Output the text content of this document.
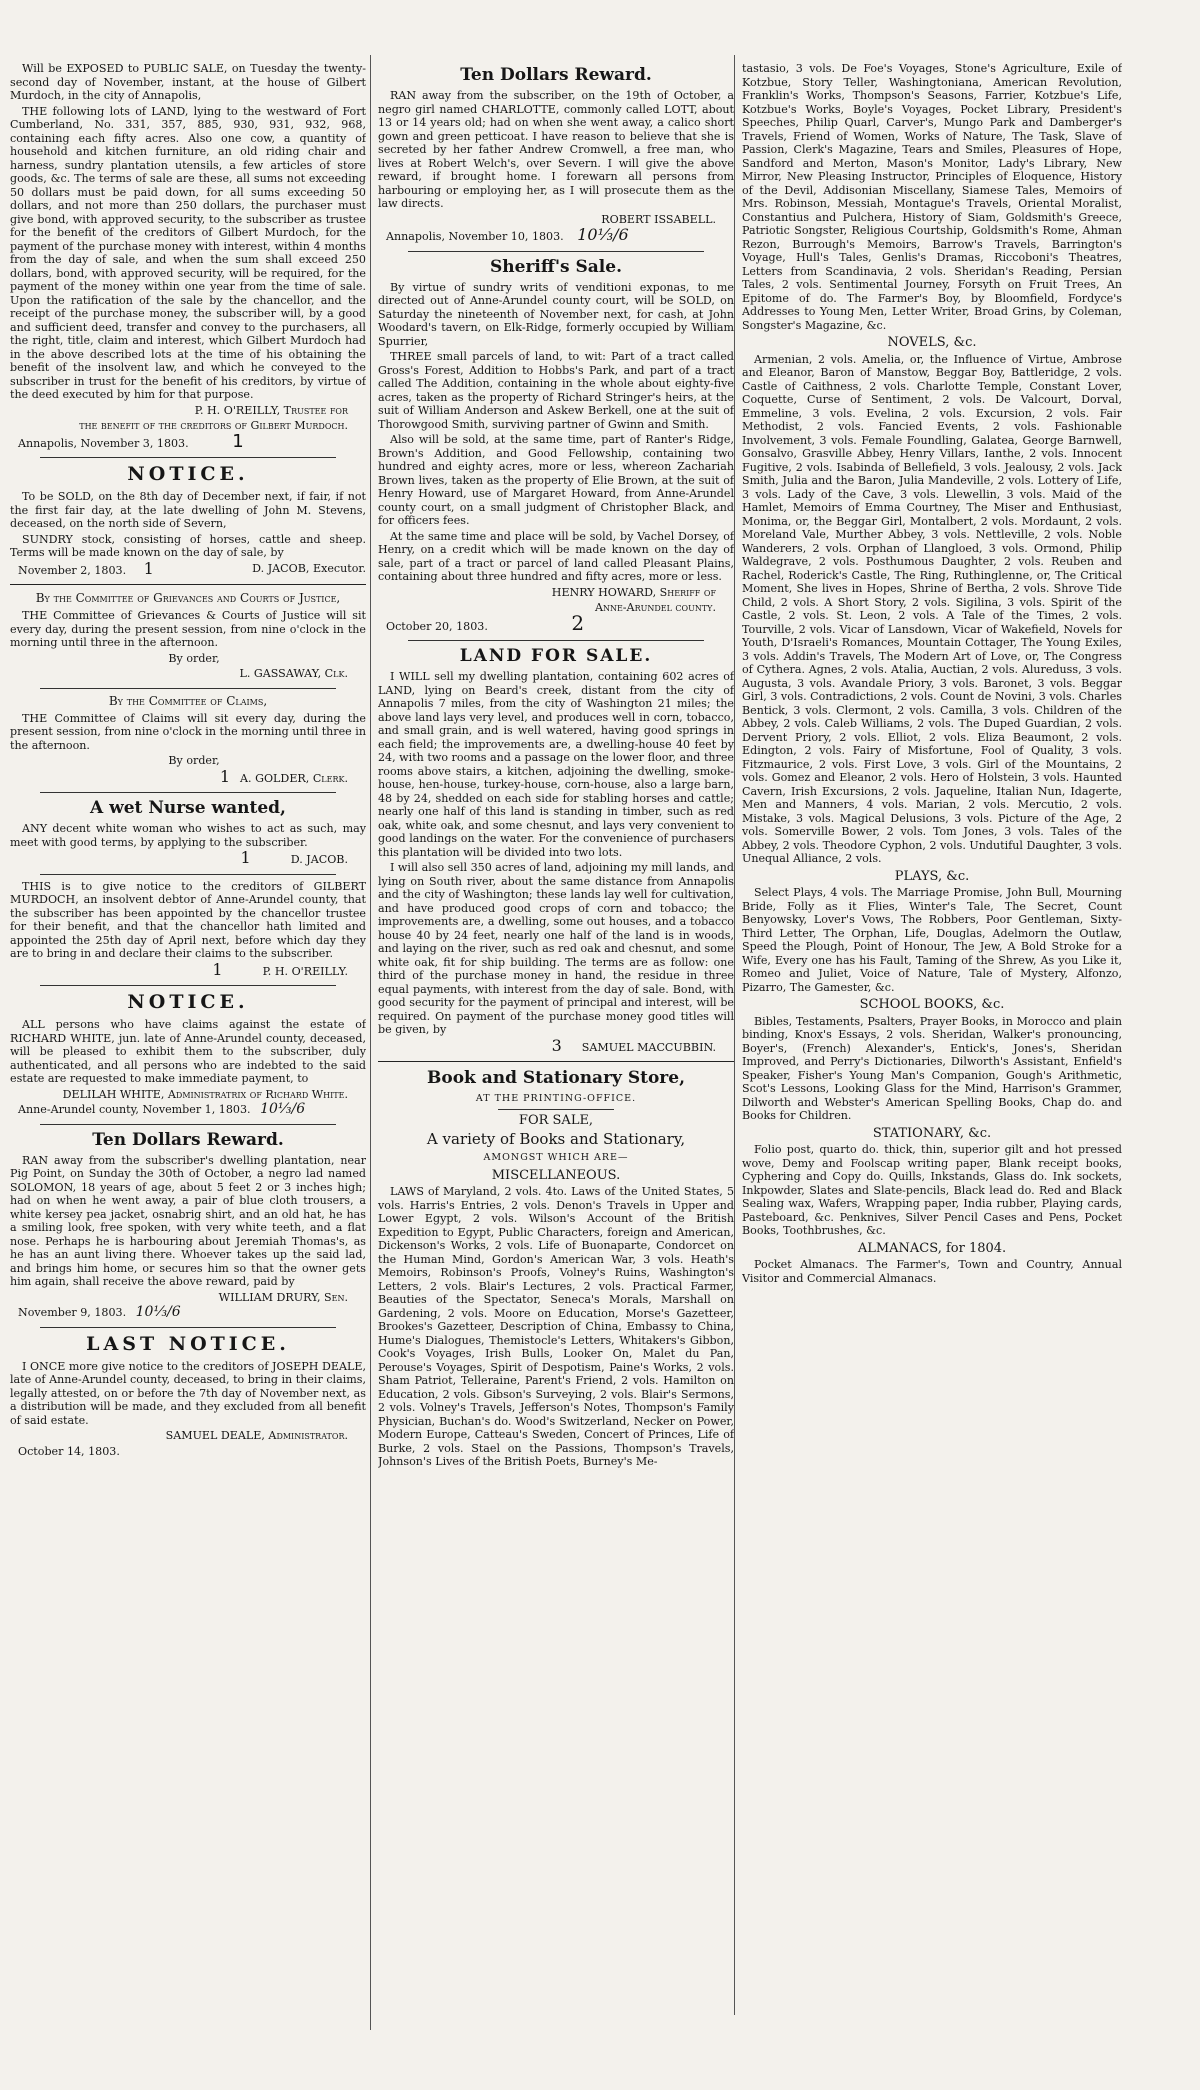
Will be EXPOSED to PUBLIC SALE, on Tuesday the twenty-second day of November, instant, at the house of Gilbert Murdoch, in the city of Annapolis,

THE following lots of LAND, lying to the westward of Fort Cumberland, No. 331, 357, 885, 930, 931, 932, 968, containing each fifty acres. Also one cow, a quantity of household and kitchen furniture, an old riding chair and harness, sundry plantation utensils, a few articles of store goods, &c. The terms of sale are these, all sums not exceeding 50 dollars must be paid down, for all sums exceeding 50 dollars, and not more than 250 dollars, the purchaser must give bond, with approved security, to the subscriber as trustee for the benefit of the creditors of Gilbert Murdoch, for the payment of the purchase money with interest, within 4 months from the day of sale, and when the sum shall exceed 250 dollars, bond, with approved security, will be required, for the payment of the money within one year from the time of sale. Upon the ratification of the sale by the chancellor, and the receipt of the purchase money, the subscriber will, by a good and sufficient deed, transfer and convey to the purchasers, all the right, title, claim and interest, which Gilbert Murdoch had in the above described lots at the time of his obtaining the benefit of the insolvent law, and which he conveyed to the subscriber in trust for the benefit of his creditors, by virtue of the deed executed by him for that purpose.

P. H. O'REILLY, Trustee for

the benefit of the creditors of Gilbert Murdoch.

Annapolis, November 3, 1803. 1

NOTICE.

To be SOLD, on the 8th day of December next, if fair, if not the first fair day, at the late dwelling of John M. Stevens, deceased, on the north side of Severn,

SUNDRY stock, consisting of horses, cattle and sheep. Terms will be made known on the day of sale, by

November 2, 1803. 1	D. JACOB, Executor.

By the Committee of Grievances and Courts of Justice,

THE Committee of Grievances & Courts of Justice will sit every day, during the present session, from nine o'clock in the morning until three in the afternoon.

By order,

L. GASSAWAY, Clk.

By the Committee of Claims,

THE Committee of Claims will sit every day, during the present session, from nine o'clock in the morning until three in the afternoon.

By order,

1 A. GOLDER, Clerk.

A wet Nurse wanted,

ANY decent white woman who wishes to act as such, may meet with good terms, by applying to the subscriber.

1	D. JACOB.

THIS is to give notice to the creditors of GILBERT MURDOCH, an insolvent debtor of Anne-Arundel county, that the subscriber has been appointed by the chancellor trustee for their benefit, and that the chancellor hath limited and appointed the 25th day of April next, before which day they are to bring in and declare their claims to the subscriber.

1	P. H. O'REILLY.

NOTICE.

ALL persons who have claims against the estate of RICHARD WHITE, jun. late of Anne-Arundel county, deceased, will be pleased to exhibit them to the subscriber, duly authenticated, and all persons who are indebted to the said estate are requested to make immediate payment, to

DELILAH WHITE, Administratrix of Richard White.

Anne-Arundel county, November 1, 1803. 10⅓/6

Ten Dollars Reward.

RAN away from the subscriber's dwelling plantation, near Pig Point, on Sunday the 30th of October, a negro lad named SOLOMON, 18 years of age, about 5 feet 2 or 3 inches high; had on when he went away, a pair of blue cloth trousers, a white kersey pea jacket, osnabrig shirt, and an old hat, he has a smiling look, free spoken, with very white teeth, and a flat nose. Perhaps he is harbouring about Jeremiah Thomas's, as he has an aunt living there. Whoever takes up the said lad, and brings him home, or secures him so that the owner gets him again, shall receive the above reward, paid by

WILLIAM DRURY, Sen.

November 9, 1803. 10⅓/6

LAST NOTICE.

I ONCE more give notice to the creditors of JOSEPH DEALE, late of Anne-Arundel county, deceased, to bring in their claims, legally attested, on or before the 7th day of November next, as a distribution will be made, and they excluded from all benefit of said estate.

SAMUEL DEALE, Administrator.

October 14, 1803.

Ten Dollars Reward.

RAN away from the subscriber, on the 19th of October, a negro girl named CHARLOTTE, commonly called LOTT, about 13 or 14 years old; had on when she went away, a calico short gown and green petticoat. I have reason to believe that she is secreted by her father Andrew Cromwell, a free man, who lives at Robert Welch's, over Severn. I will give the above reward, if brought home. I forewarn all persons from harbouring or employing her, as I will prosecute them as the law directs.

ROBERT ISSABELL.

Annapolis, November 10, 1803. 10⅓/6

Sheriff's Sale.

By virtue of sundry writs of venditioni exponas, to me directed out of Anne-Arundel county court, will be SOLD, on Saturday the nineteenth of November next, for cash, at John Woodard's tavern, on Elk-Ridge, formerly occupied by William Spurrier,

THREE small parcels of land, to wit: Part of a tract called Gross's Forest, Addition to Hobbs's Park, and part of a tract called The Addition, containing in the whole about eighty-five acres, taken as the property of Richard Stringer's heirs, at the suit of William Anderson and Askew Berkell, one at the suit of Thorowgood Smith, surviving partner of Gwinn and Smith.

Also will be sold, at the same time, part of Ranter's Ridge, Brown's Addition, and Good Fellowship, containing two hundred and eighty acres, more or less, whereon Zachariah Brown lives, taken as the property of Elie Brown, at the suit of Henry Howard, use of Margaret Howard, from Anne-Arundel county court, on a small judgment of Christopher Black, and for officers fees.

At the same time and place will be sold, by Vachel Dorsey, of Henry, on a credit which will be made known on the day of sale, part of a tract or parcel of land called Pleasant Plains, containing about three hundred and fifty acres, more or less.

HENRY HOWARD, Sheriff of

Anne-Arundel county.

October 20, 1803.	2

LAND FOR SALE.

I WILL sell my dwelling plantation, containing 602 acres of LAND, lying on Beard's creek, distant from the city of Annapolis 7 miles, from the city of Washington 21 miles; the above land lays very level, and produces well in corn, tobacco, and small grain, and is well watered, having good springs in each field; the improvements are, a dwelling-house 40 feet by 24, with two rooms and a passage on the lower floor, and three rooms above stairs, a kitchen, adjoining the dwelling, smoke-house, hen-house, turkey-house, corn-house, also a large barn, 48 by 24, shedded on each side for stabling horses and cattle; nearly one half of this land is standing in timber, such as red oak, white oak, and some chesnut, and lays very convenient to good landings on the water. For the convenience of purchasers this plantation will be divided into two lots.

I will also sell 350 acres of land, adjoining my mill lands, and lying on South river, about the same distance from Annapolis and the city of Washington; these lands lay well for cultivation, and have produced good crops of corn and tobacco; the improvements are, a dwelling, some out houses, and a tobacco house 40 by 24 feet, nearly one half of the land is in woods, and laying on the river, such as red oak and chesnut, and some white oak, fit for ship building. The terms are as follow: one third of the purchase money in hand, the residue in three equal payments, with interest from the day of sale. Bond, with good security for the payment of principal and interest, will be required. On payment of the purchase money good titles will be given, by

3 SAMUEL MACCUBBIN.

Book and Stationary Store,
AT THE PRINTING-OFFICE.
FOR SALE,
A variety of Books and Stationary,
AMONGST WHICH ARE—
MISCELLANEOUS.

LAWS of Maryland, 2 vols. 4to. Laws of the United States, 5 vols. Harris's Entries, 2 vols. Denon's Travels in Upper and Lower Egypt, 2 vols. Wilson's Account of the British Expedition to Egypt, Public Characters, foreign and American, Dickenson's Works, 2 vols. Life of Buonaparte, Condorcet on the Human Mind, Gordon's American War, 3 vols. Heath's Memoirs, Robinson's Proofs, Volney's Ruins, Washington's Letters, 2 vols. Blair's Lectures, 2 vols. Practical Farmer, Beauties of the Spectator, Seneca's Morals, Marshall on Gardening, 2 vols. Moore on Education, Morse's Gazetteer, Brookes's Gazetteer, Description of China, Embassy to China, Hume's Dialogues, Themistocle's Letters, Whitakers's Gibbon, Cook's Voyages, Irish Bulls, Looker On, Malet du Pan, Perouse's Voyages, Spirit of Despotism, Paine's Works, 2 vols. Sham Patriot, Telleraine, Parent's Friend, 2 vols. Hamilton on Education, 2 vols. Gibson's Surveying, 2 vols. Blair's Sermons, 2 vols. Volney's Travels, Jefferson's Notes, Thompson's Family Physician, Buchan's do. Wood's Switzerland, Necker on Power, Modern Europe, Catteau's Sweden, Concert of Princes, Life of Burke, 2 vols. Stael on the Passions, Thompson's Travels, Johnson's Lives of the British Poets, Burney's Me-

tastasio, 3 vols. De Foe's Voyages, Stone's Agriculture, Exile of Kotzbue, Story Teller, Washingtoniana, American Revolution, Franklin's Works, Thompson's Seasons, Farrier, Kotzbue's Life, Kotzbue's Works, Boyle's Voyages, Pocket Library, President's Speeches, Philip Quarl, Carver's, Mungo Park and Damberger's Travels, Friend of Women, Works of Nature, The Task, Slave of Passion, Clerk's Magazine, Tears and Smiles, Pleasures of Hope, Sandford and Merton, Mason's Monitor, Lady's Library, New Mirror, New Pleasing Instructor, Principles of Eloquence, History of the Devil, Addisonian Miscellany, Siamese Tales, Memoirs of Mrs. Robinson, Messiah, Montague's Travels, Oriental Moralist, Constantius and Pulchera, History of Siam, Goldsmith's Greece, Patriotic Songster, Religious Courtship, Goldsmith's Rome, Ahman Rezon, Burrough's Memoirs, Barrow's Travels, Barrington's Voyage, Hull's Tales, Genlis's Dramas, Riccoboni's Theatres, Letters from Scandinavia, 2 vols. Sheridan's Reading, Persian Tales, 2 vols. Sentimental Journey, Forsyth on Fruit Trees, An Epitome of do. The Farmer's Boy, by Bloomfield, Fordyce's Addresses to Young Men, Letter Writer, Broad Grins, by Coleman, Songster's Magazine, &c.

NOVELS, &c.

Armenian, 2 vols. Amelia, or, the Influence of Virtue, Ambrose and Eleanor, Baron of Manstow, Beggar Boy, Battleridge, 2 vols. Castle of Caithness, 2 vols. Charlotte Temple, Constant Lover, Coquette, Curse of Sentiment, 2 vols. De Valcourt, Dorval, Emmeline, 3 vols. Evelina, 2 vols. Excursion, 2 vols. Fair Methodist, 2 vols. Fancied Events, 2 vols. Fashionable Involvement, 3 vols. Female Foundling, Galatea, George Barnwell, Gonsalvo, Grasville Abbey, Henry Villars, Ianthe, 2 vols. Innocent Fugitive, 2 vols. Isabinda of Bellefield, 3 vols. Jealousy, 2 vols. Jack Smith, Julia and the Baron, Julia Mandeville, 2 vols. Lottery of Life, 3 vols. Lady of the Cave, 3 vols. Llewellin, 3 vols. Maid of the Hamlet, Memoirs of Emma Courtney, The Miser and Enthusiast, Monima, or, the Beggar Girl, Montalbert, 2 vols. Mordaunt, 2 vols. Moreland Vale, Murther Abbey, 3 vols. Nettleville, 2 vols. Noble Wanderers, 2 vols. Orphan of Llangloed, 3 vols. Ormond, Philip Waldegrave, 2 vols. Posthumous Daughter, 2 vols. Reuben and Rachel, Roderick's Castle, The Ring, Ruthinglenne, or, The Critical Moment, She lives in Hopes, Shrine of Bertha, 2 vols. Shrove Tide Child, 2 vols. A Short Story, 2 vols. Sigilina, 3 vols. Spirit of the Castle, 2 vols. St. Leon, 2 vols. A Tale of the Times, 2 vols. Tourville, 2 vols. Vicar of Lansdown, Vicar of Wakefield, Novels for Youth, D'Israeli's Romances, Mountain Cottager, The Young Exiles, 3 vols. Addin's Travels, The Modern Art of Love, or, The Congress of Cythera. Agnes, 2 vols. Atalia, Auctian, 2 vols. Alureduss, 3 vols. Augusta, 3 vols. Avandale Priory, 3 vols. Baronet, 3 vols. Beggar Girl, 3 vols. Contradictions, 2 vols. Count de Novini, 3 vols. Charles Bentick, 3 vols. Clermont, 2 vols. Camilla, 3 vols. Children of the Abbey, 2 vols. Caleb Williams, 2 vols. The Duped Guardian, 2 vols. Dervent Priory, 2 vols. Elliot, 2 vols. Eliza Beaumont, 2 vols. Edington, 2 vols. Fairy of Misfortune, Fool of Quality, 3 vols. Fitzmaurice, 2 vols. First Love, 3 vols. Girl of the Mountains, 2 vols. Gomez and Eleanor, 2 vols. Hero of Holstein, 3 vols. Haunted Cavern, Irish Excursions, 2 vols. Jaqueline, Italian Nun, Idagerte, Men and Manners, 4 vols. Marian, 2 vols. Mercutio, 2 vols. Mistake, 3 vols. Magical Delusions, 3 vols. Picture of the Age, 2 vols. Somerville Bower, 2 vols. Tom Jones, 3 vols. Tales of the Abbey, 2 vols. Theodore Cyphon, 2 vols. Undutiful Daughter, 3 vols. Unequal Alliance, 2 vols.

PLAYS, &c.

Select Plays, 4 vols. The Marriage Promise, John Bull, Mourning Bride, Folly as it Flies, Winter's Tale, The Secret, Count Benyowsky, Lover's Vows, The Robbers, Poor Gentleman, Sixty-Third Letter, The Orphan, Life, Douglas, Adelmorn the Outlaw, Speed the Plough, Point of Honour, The Jew, A Bold Stroke for a Wife, Every one has his Fault, Taming of the Shrew, As you Like it, Romeo and Juliet, Voice of Nature, Tale of Mystery, Alfonzo, Pizarro, The Gamester, &c.

SCHOOL BOOKS, &c.

Bibles, Testaments, Psalters, Prayer Books, in Morocco and plain binding, Knox's Essays, 2 vols. Sheridan, Walker's pronouncing, Boyer's, (French) Alexander's, Entick's, Jones's, Sheridan Improved, and Perry's Dictionaries, Dilworth's Assistant, Enfield's Speaker, Fisher's Young Man's Companion, Gough's Arithmetic, Scot's Lessons, Looking Glass for the Mind, Harrison's Grammer, Dilworth and Webster's American Spelling Books, Chap do. and Books for Children.

STATIONARY, &c.

Folio post, quarto do. thick, thin, superior gilt and hot pressed wove, Demy and Foolscap writing paper, Blank receipt books, Cyphering and Copy do. Quills, Inkstands, Glass do. Ink sockets, Inkpowder, Slates and Slate-pencils, Black lead do. Red and Black Sealing wax, Wafers, Wrapping paper, India rubber, Playing cards, Pasteboard, &c. Penknives, Silver Pencil Cases and Pens, Pocket Books, Toothbrushes, &c.

ALMANACS, for 1804.

Pocket Almanacs. The Farmer's, Town and Country, Annual Visitor and Commercial Almanacs.
